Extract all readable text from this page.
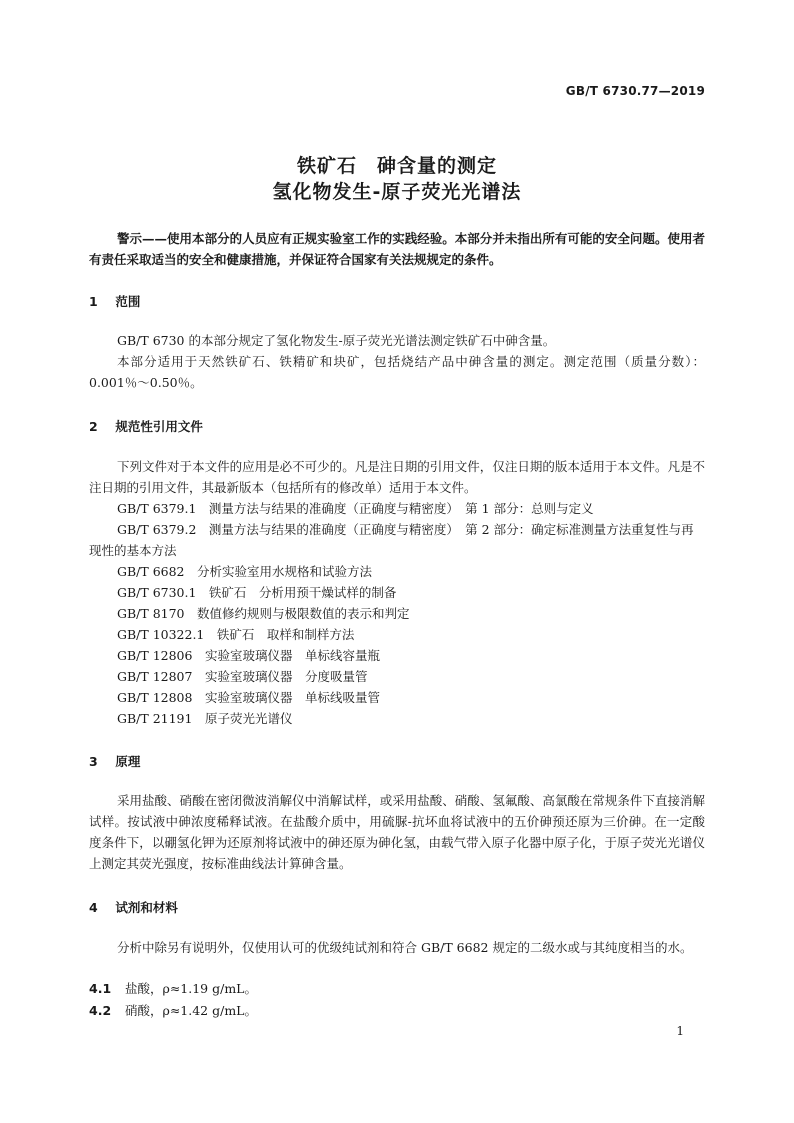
GB/T 6730.77—2019
铁矿石　砷含量的测定
氢化物发生-原子荧光光谱法
警示——使用本部分的人员应有正规实验室工作的实践经验。本部分并未指出所有可能的安全问题。使用者有责任采取适当的安全和健康措施，并保证符合国家有关法规规定的条件。
1 范围
GB/T 6730 的本部分规定了氢化物发生-原子荧光光谱法测定铁矿石中砷含量。
本部分适用于天然铁矿石、铁精矿和块矿，包括烧结产品中砷含量的测定。测定范围（质量分数）：0.001％～0.50％。
2 规范性引用文件
下列文件对于本文件的应用是必不可少的。凡是注日期的引用文件，仅注日期的版本适用于本文件。凡是不注日期的引用文件，其最新版本（包括所有的修改单）适用于本文件。
GB/T 6379.1　测量方法与结果的准确度（正确度与精密度）　第 1 部分：总则与定义
GB/T 6379.2　测量方法与结果的准确度（正确度与精密度）　第 2 部分：确定标准测量方法重复性与再现性的基本方法
GB/T 6682　分析实验室用水规格和试验方法
GB/T 6730.1　铁矿石　分析用预干燥试样的制备
GB/T 8170　数值修约规则与极限数值的表示和判定
GB/T 10322.1　铁矿石　取样和制样方法
GB/T 12806　实验室玻璃仪器　单标线容量瓶
GB/T 12807　实验室玻璃仪器　分度吸量管
GB/T 12808　实验室玻璃仪器　单标线吸量管
GB/T 21191　原子荧光光谱仪
3 原理
采用盐酸、硝酸在密闭微波消解仪中消解试样，或采用盐酸、硝酸、氢氟酸、高氯酸在常规条件下直接消解试样。按试液中砷浓度稀释试液。在盐酸介质中，用硫脲-抗坏血将试液中的五价砷预还原为三价砷。在一定酸度条件下，以硼氢化钾为还原剂将试液中的砷还原为砷化氢，由载气带入原子化器中原子化，于原子荧光光谱仪上测定其荧光强度，按标准曲线法计算砷含量。
4 试剂和材料
分析中除另有说明外，仅使用认可的优级纯试剂和符合 GB/T 6682 规定的二级水或与其纯度相当的水。
4.1 盐酸，ρ≈1.19 g/mL。
4.2 硝酸，ρ≈1.42 g/mL。
1
